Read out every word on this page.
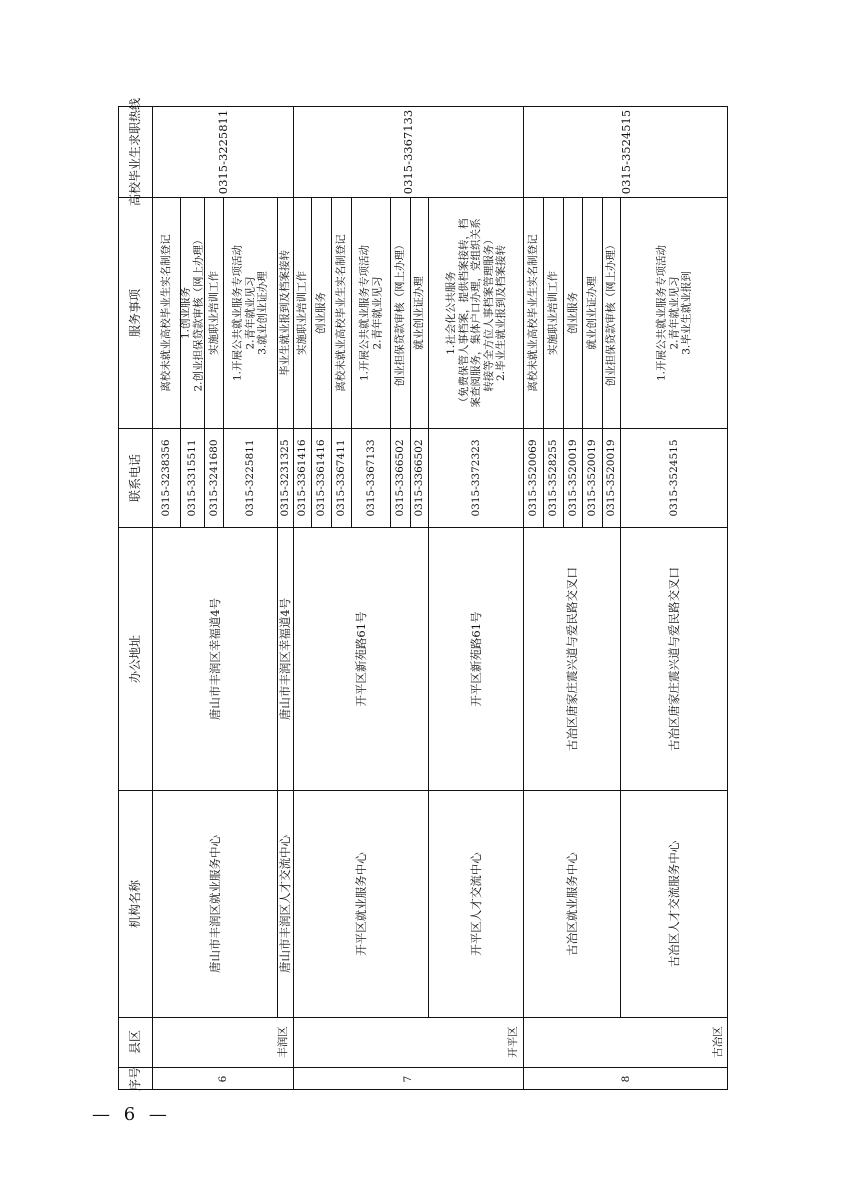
高校毕业生求职热线
服务事项
联系电话
办公地址
机构名称
县区
序号
0315-3225811
6
丰润区
0315-3238356
离校未就业高校毕业生实名制登记
0315-3315511
1.创业服务 2.创业担保贷款审核（网上办理）
0315-3241680
实施职业培训工作
0315-3225811
1.开展公共就业服务专项活动 2.青年就业见习 3.就业创业证办理
0315-3231325
毕业生就业报到及档案接转
唐山市丰润区就业服务中心
唐山市丰润区幸福道4号
唐山市丰润区人才交流中心
唐山市丰润区幸福道4号
0315-3367133
7
开平区
0315-3361416
实施职业培训工作
0315-3361416
创业服务
0315-3367411
离校未就业高校毕业生实名制登记
0315-3367133
1.开展公共就业服务专项活动 2.青年就业见习
0315-3366502
创业担保贷款审核（网上办理）
0315-3366502
就业创业证办理
0315-3372323
1.社会化公共服务 （免费保管人事档案，提供档案接转，档 案查阅服务，集体户口办理，党组织关系 转接等全方位人事档案管理服务） 2.毕业生就业报到及档案接转
开平区就业服务中心
开平区新苑路61号
开平区人才交流中心
开平区新苑路61号
0315-3524515
8
古冶区
0315-3520069
离校未就业高校毕业生实名制登记
0315-3528255
实施职业培训工作
0315-3520019
创业服务
0315-3520019
就业创业证办理
0315-3520019
创业担保贷款审核（网上办理）
0315-3524515
1.开展公共就业服务专项活动 2.青年就业见习 3.毕业生就业报到
古冶区就业服务中心
古冶区唐家庄震兴道与爱民路交叉口
古冶区人才交流服务中心
古冶区唐家庄震兴道与爱民路交叉口
— 6 —
